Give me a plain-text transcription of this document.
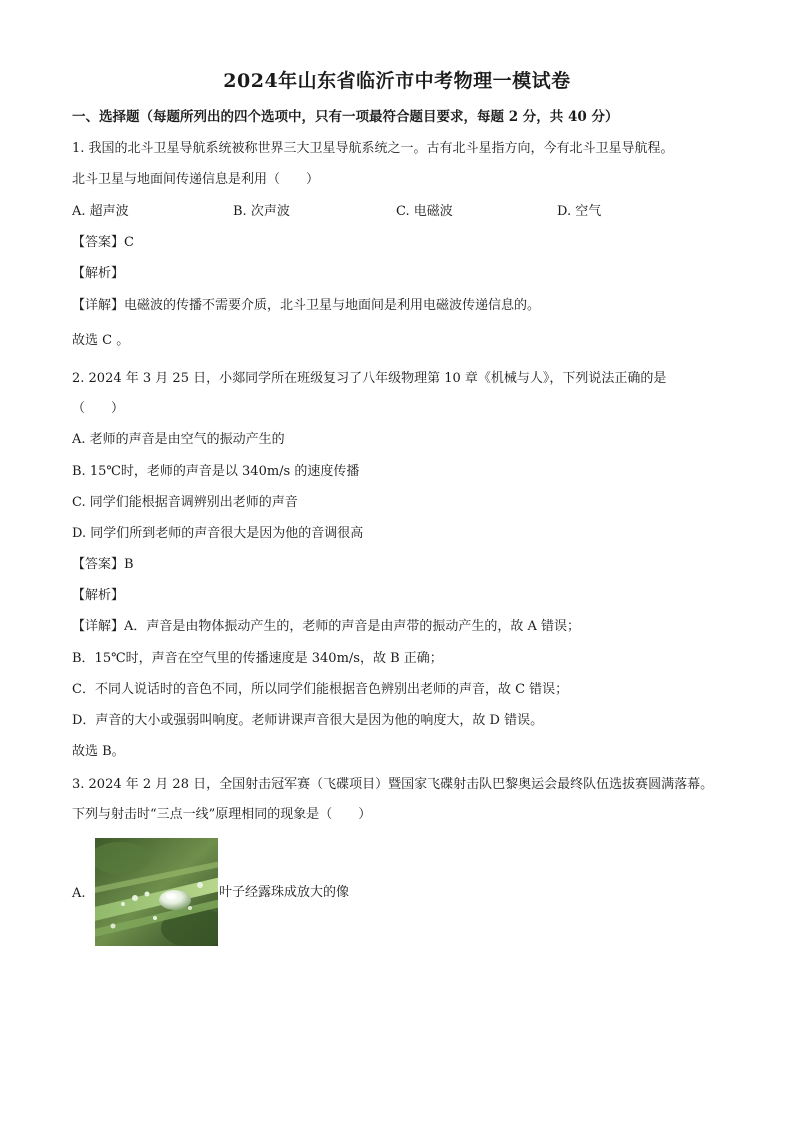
2024年山东省临沂市中考物理一模试卷
一、选择题（每题所列出的四个选项中，只有一项最符合题目要求，每题 2 分，共 40 分）
1. 我国的北斗卫星导航系统被称世界三大卫星导航系统之一。古有北斗星指方向，今有北斗卫星导航程。
北斗卫星与地面间传递信息是利用（　　）
A. 超声波	B. 次声波	C. 电磁波	D. 空气
【答案】C
【解析】
【详解】电磁波的传播不需要介质，北斗卫星与地面间是利用电磁波传递信息的。
故选 C 。
2. 2024 年 3 月 25 日，小郯同学所在班级复习了八年级物理第 10 章《机械与人》，下列说法正确的是
（　　）
A. 老师的声音是由空气的振动产生的
B. 15℃时，老师的声音是以 340m/s 的速度传播
C. 同学们能根据音调辨别出老师的声音
D. 同学们所到老师的声音很大是因为他的音调很高
【答案】B
【解析】
【详解】A．声音是由物体振动产生的，老师的声音是由声带的振动产生的，故 A 错误；
B．15℃时，声音在空气里的传播速度是 340m/s，故 B 正确；
C．不同人说话时的音色不同，所以同学们能根据音色辨别出老师的声音，故 C 错误；
D．声音的大小或强弱叫响度。老师讲课声音很大是因为他的响度大，故 D 错误。
故选 B。
3. 2024 年 2 月 28 日，全国射击冠军赛（飞碟项目）暨国家飞碟射击队巴黎奥运会最终队伍选拔赛圆满落幕。
下列与射击时“三点一线”原理相同的现象是（　　）
A.	叶子经露珠成放大的像
